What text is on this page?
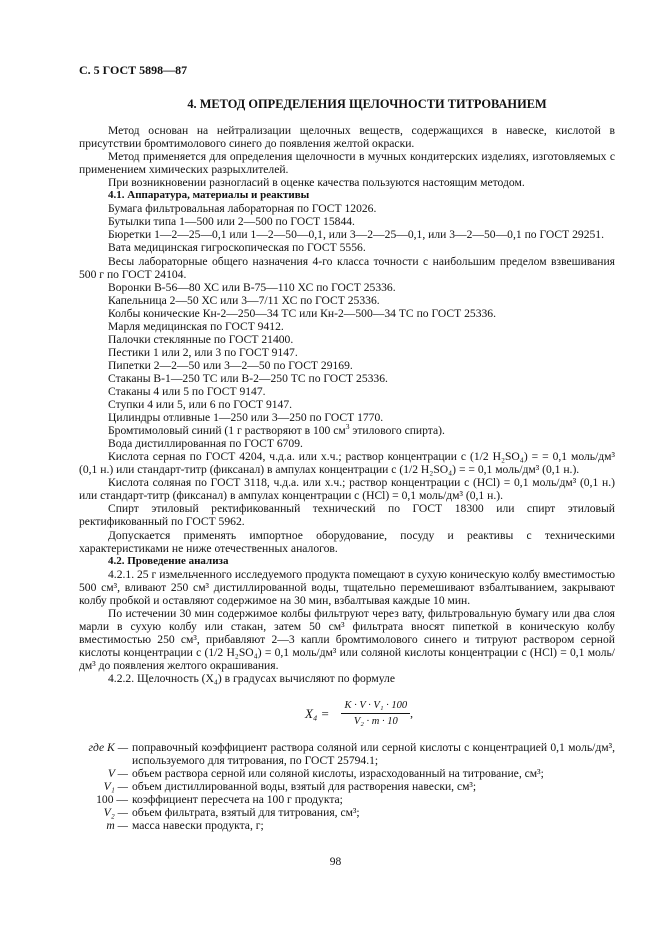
С. 5 ГОСТ 5898—87
4. МЕТОД ОПРЕДЕЛЕНИЯ ЩЕЛОЧНОСТИ ТИТРОВАНИЕМ

Метод основан на нейтрализации щелочных веществ, содержащихся в навеске, кислотой в присутствии бромтимолового синего до появления желтой окраски.

Метод применяется для определения щелочности в мучных кондитерских изделиях, изготовляемых с применением химических разрыхлителей.

При возникновении разногласий в оценке качества пользуются настоящим методом.

4.1. Аппаратура, материалы и реактивы

Бумага фильтровальная лабораторная по ГОСТ 12026.

Бутылки типа 1—500 или 2—500 по ГОСТ 15844.

Бюретки 1—2—25—0,1 или 1—2—50—0,1, или 3—2—25—0,1, или 3—2—50—0,1 по ГОСТ 29251.

Вата медицинская гигроскопическая по ГОСТ 5556.

Весы лабораторные общего назначения 4-го класса точности с наибольшим пределом взвешивания 500 г по ГОСТ 24104.

Воронки В-56—80 ХС или В-75—110 ХС по ГОСТ 25336.

Капельница 2—50 ХС или 3—7/11 ХС по ГОСТ 25336.

Колбы конические Кн-2—250—34 ТС или Кн-2—500—34 ТС по ГОСТ 25336.

Марля медицинская по ГОСТ 9412.

Палочки стеклянные по ГОСТ 21400.

Пестики 1 или 2, или 3 по ГОСТ 9147.

Пипетки 2—2—50 или 3—2—50 по ГОСТ 29169.

Стаканы В-1—250 ТС или В-2—250 ТС по ГОСТ 25336.

Стаканы 4 или 5 по ГОСТ 9147.

Ступки 4 или 5, или 6 по ГОСТ 9147.

Цилиндры отливные 1—250 или 3—250 по ГОСТ 1770.

Бромтимоловый синий (1 г растворяют в 100 $см^3$ этилового спирта).

Вода дистиллированная по ГОСТ 6709.

Кислота серная по ГОСТ 4204, ч.д.а. или х.ч.; раствор концентрации c (1/2 H₂SO₄) = = 0,1 моль/дм³ (0,1 н.) или стандарт-титр (фиксанал) в ампулах концентрации c (1/2 H₂SO₄) = = 0,1 моль/дм³ (0,1 н.).

Кислота соляная по ГОСТ 3118, ч.д.а. или х.ч.; раствор концентрации c (HCl) = 0,1 моль/дм³ (0,1 н.) или стандарт-титр (фиксанал) в ампулах концентрации c (HCl) = 0,1 моль/дм³ (0,1 н.).

Спирт этиловый ректификованный технический по ГОСТ 18300 или спирт этиловый ректификованный по ГОСТ 5962.

Допускается применять импортное оборудование, посуду и реактивы с техническими характеристиками не ниже отечественных аналогов.

4.2. Проведение анализа

4.2.1. 25 г измельченного исследуемого продукта помещают в сухую коническую колбу вместимостью 500 см³, вливают 250 см³ дистиллированной воды, тщательно перемешивают взбалтыванием, закрывают колбу пробкой и оставляют содержимое на 30 мин, взбалтывая каждые 10 мин.

По истечении 30 мин содержимое колбы фильтруют через вату, фильтровальную бумагу или два слоя марли в сухую колбу или стакан, затем 50 см³ фильтрата вносят пипеткой в коническую колбу вместимостью 250 см³, прибавляют 2—3 капли бромтимолового синего и титруют раствором серной кислоты концентрации c (1/2 H₂SO₄) = 0,1 моль/дм³ или соляной кислоты концентрации c (HCl) = 0,1 моль/дм³ до появления желтого окрашивания.

4.2.2. Щелочность (X₄) в градусах вычисляют по формуле

$X_4 = \frac{\text{K · V · V₁ · 100}}{\text{V₂ · m · 10}}$ ,
где K — поправочный коэффициент раствора соляной или серной кислоты с концентрацией 0,1 моль/дм³, используемого для титрования, по ГОСТ 25794.1;
V — объем раствора серной или соляной кислоты, израсходованный на титрование, см³;
V₁ — объем дистиллированной воды, взятый для растворения навески, см³;
100 — коэффициент пересчета на 100 г продукта;
V₂ — объем фильтрата, взятый для титрования, см³;
m — масса навески продукта, г;
98
